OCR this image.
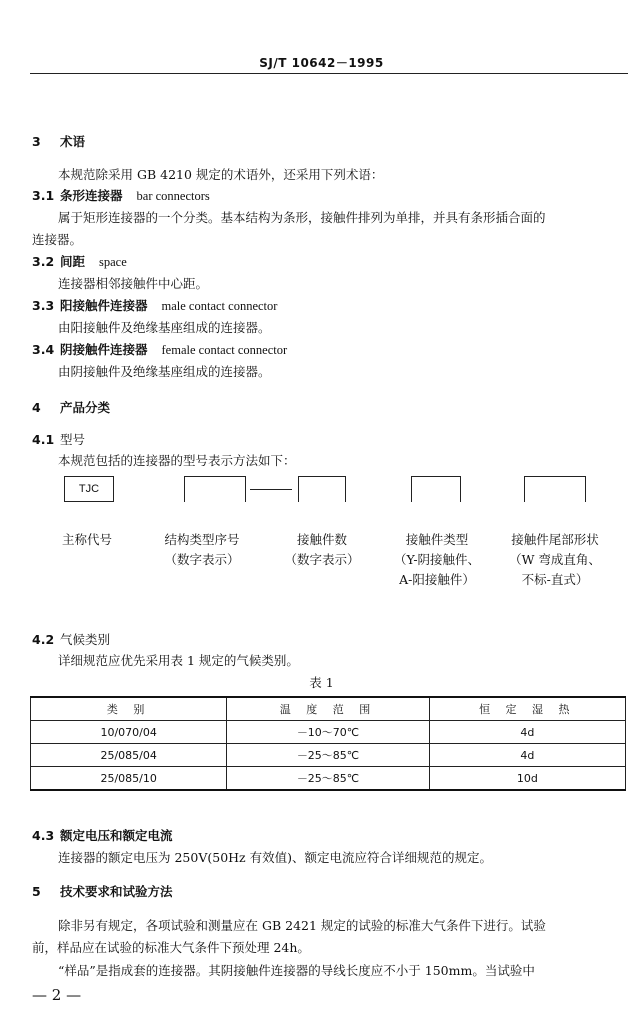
SJ/T 10642－1995
3 术语
本规范除采用 GB 4210 规定的术语外，还采用下列术语：
3.1 条形连接器 bar connectors
属于矩形连接器的一个分类。基本结构为条形，接触件排列为单排，并具有条形插合面的
连接器。
3.2 间距 space
连接器相邻接触件中心距。
3.3 阳接触件连接器 male contact connector
由阳接触件及绝缘基座组成的连接器。
3.4 阴接触件连接器 female contact connector
由阴接触件及绝缘基座组成的连接器。
4 产品分类
4.1 型号
本规范包括的连接器的型号表示方法如下：
TJC
主称代号	结构类型序号
（数字表示）
接触件数
（数字表示）
接触件类型
（Y-阴接触件、
A-阳接触件）
接触件尾部形状
（W 弯成直角、
不标-直式）
4.2 气候类别
详细规范应优先采用表 1 规定的气候类别。
表 1
类 别	温 度 范 围	恒 定 湿 热
10/070/04	－10～70℃	4d
25/085/04	－25～85℃	4d
25/085/10	－25～85℃	10d
4.3 额定电压和额定电流
连接器的额定电压为 250V(50Hz 有效值)、额定电流应符合详细规范的规定。
5 技术要求和试验方法
除非另有规定，各项试验和测量应在 GB 2421 规定的试验的标准大气条件下进行。试验
前，样品应在试验的标准大气条件下预处理 24h。
“样品”是指成套的连接器。其阴接触件连接器的导线长度应不小于 150mm。当试验中
— 2 —
